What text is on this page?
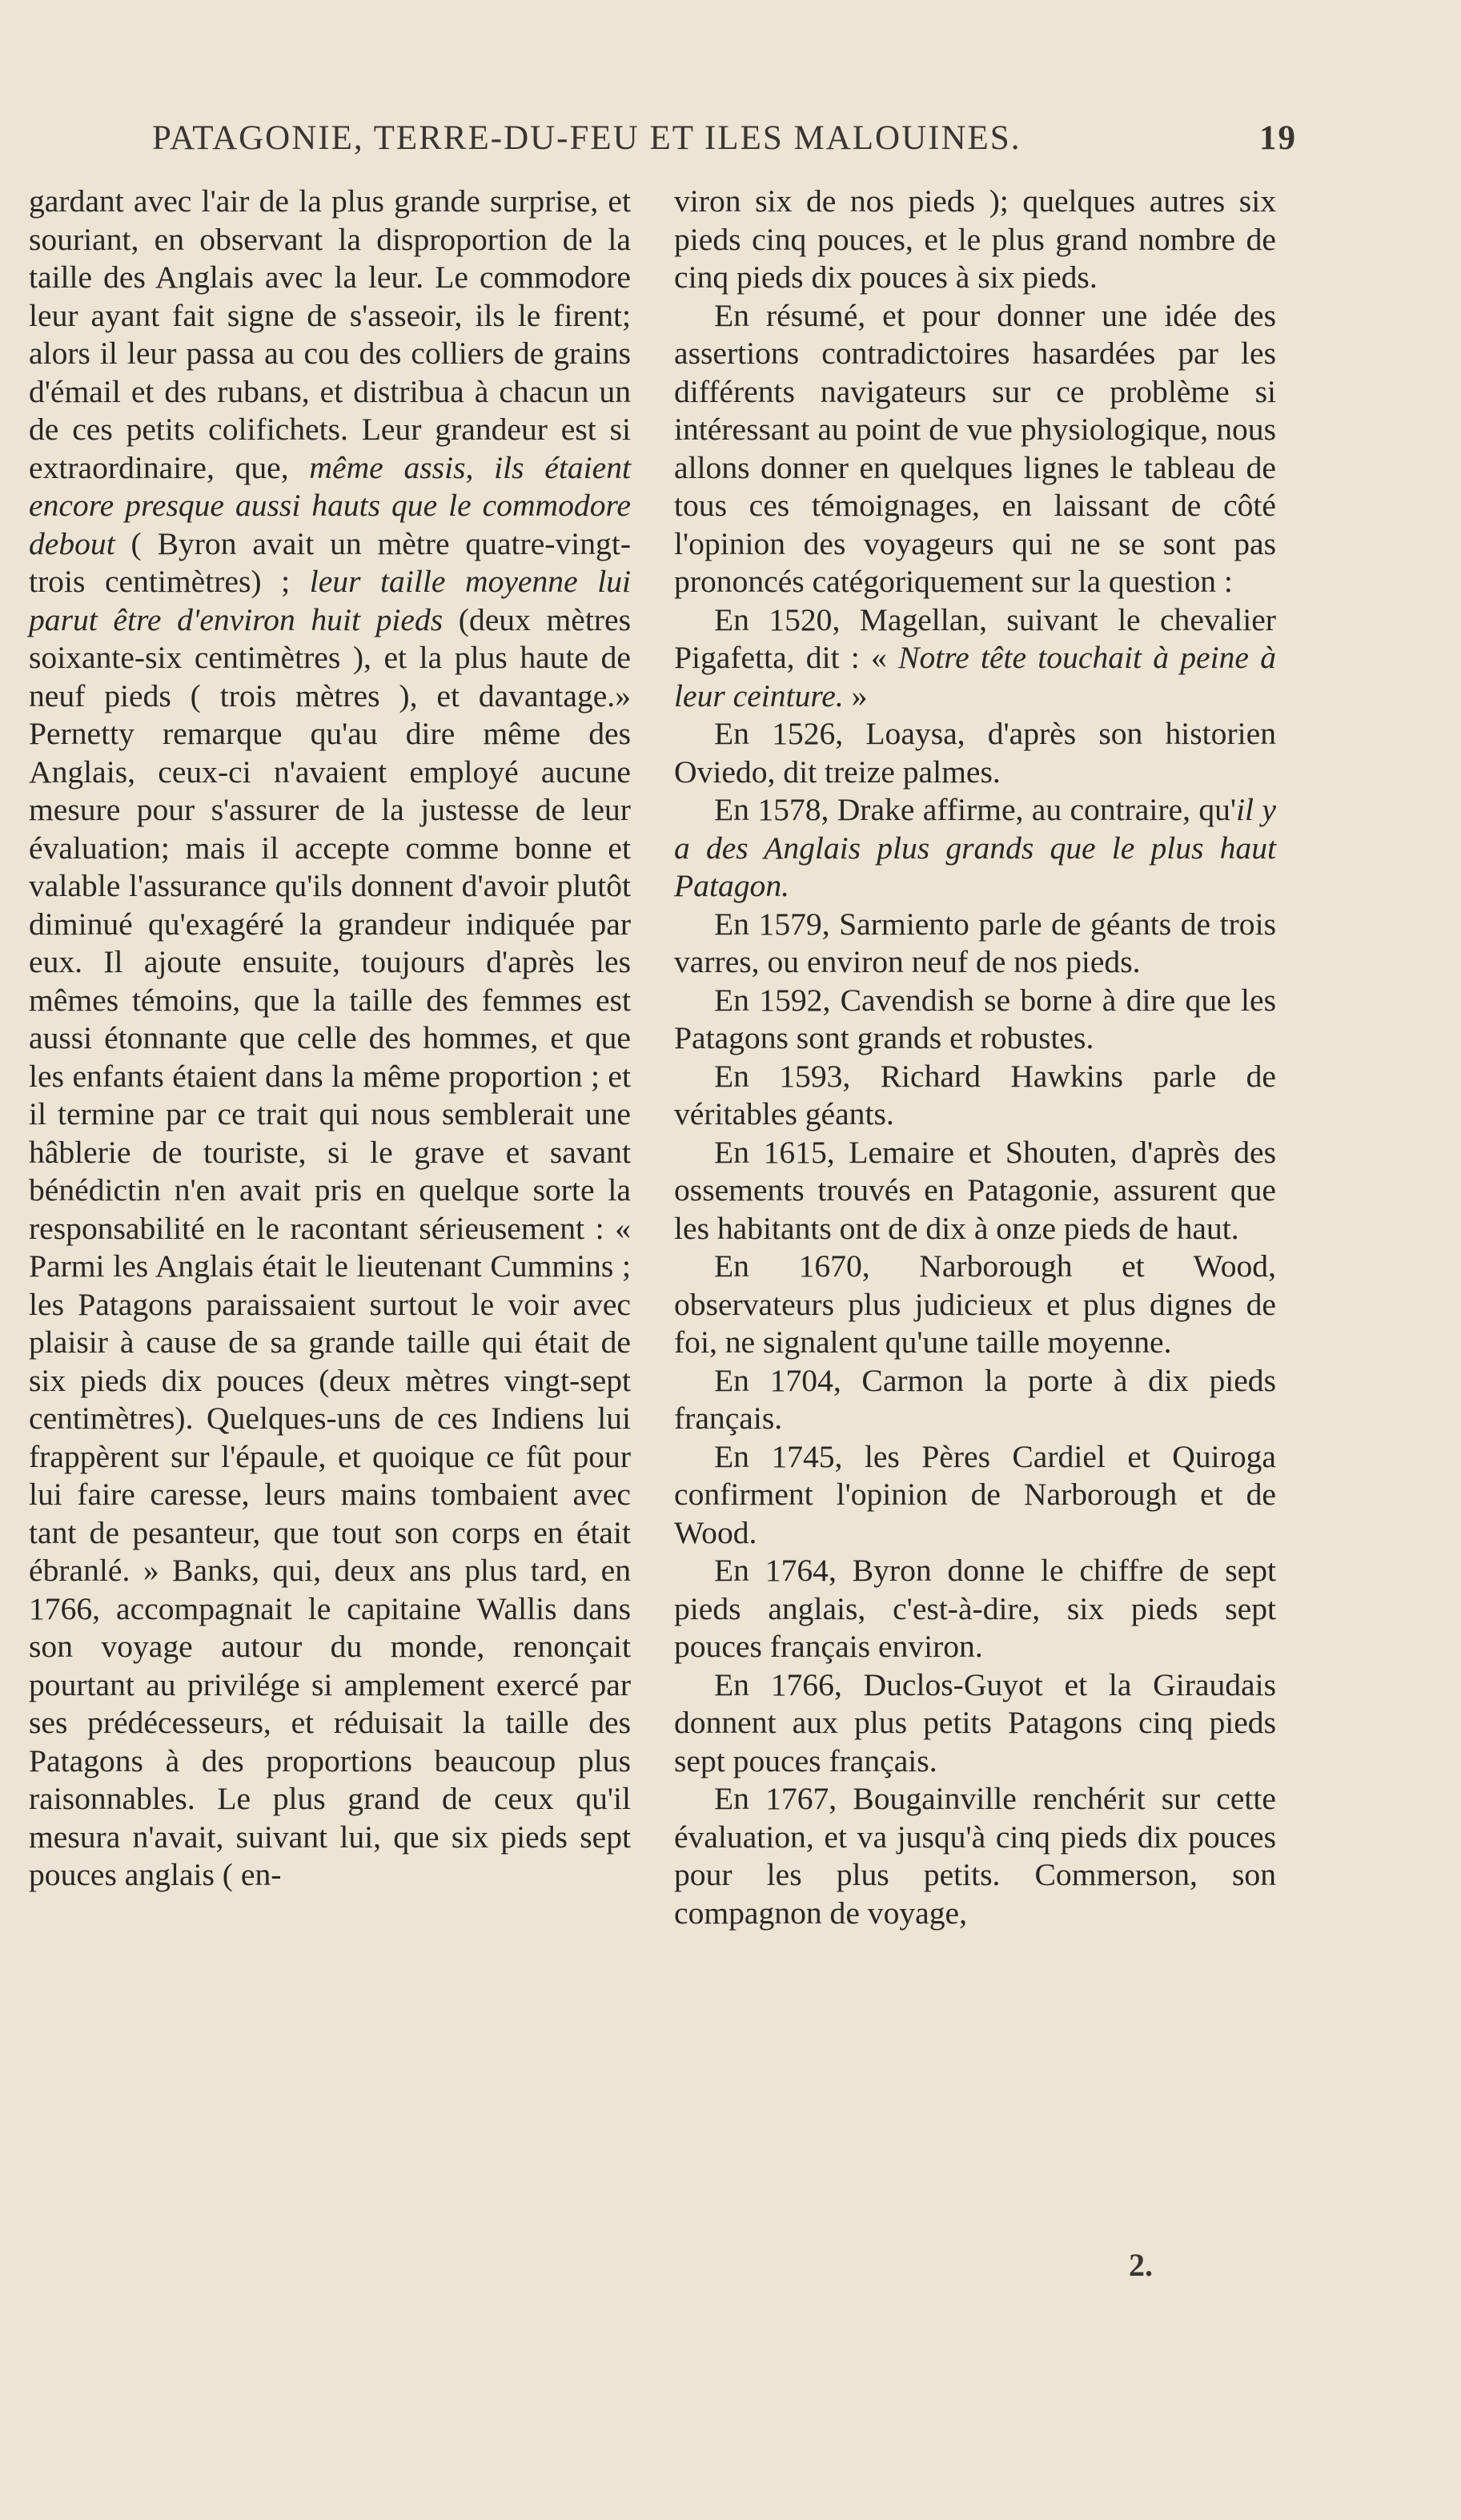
PATAGONIE, TERRE-DU-FEU ET ILES MALOUINES.	19

gardant avec l'air de la plus grande surprise, et souriant, en observant la disproportion de la taille des Anglais avec la leur. Le commodore leur ayant fait signe de s'asseoir, ils le firent; alors il leur passa au cou des colliers de grains d'émail et des rubans, et distribua à chacun un de ces petits colifichets. Leur grandeur est si extraordinaire, que, même assis, ils étaient encore presque aussi hauts que le commodore debout ( Byron avait un mètre quatre-vingt-trois centimètres) ; leur taille moyenne lui parut être d'environ huit pieds (deux mètres soixante-six centimètres ), et la plus haute de neuf pieds ( trois mètres ), et davantage.» Pernetty remarque qu'au dire même des Anglais, ceux-ci n'avaient employé aucune mesure pour s'assurer de la justesse de leur évaluation; mais il accepte comme bonne et valable l'assurance qu'ils donnent d'avoir plutôt diminué qu'exagéré la grandeur indiquée par eux. Il ajoute ensuite, toujours d'après les mêmes témoins, que la taille des femmes est aussi étonnante que celle des hommes, et que les enfants étaient dans la même proportion ; et il termine par ce trait qui nous semblerait une hâblerie de touriste, si le grave et savant bénédictin n'en avait pris en quelque sorte la responsabilité en le racontant sérieusement : « Parmi les Anglais était le lieutenant Cummins ; les Patagons paraissaient surtout le voir avec plaisir à cause de sa grande taille qui était de six pieds dix pouces (deux mètres vingt-sept centimètres). Quelques-uns de ces Indiens lui frappèrent sur l'épaule, et quoique ce fût pour lui faire caresse, leurs mains tombaient avec tant de pesanteur, que tout son corps en était ébranlé. » Banks, qui, deux ans plus tard, en 1766, accompagnait le capitaine Wallis dans son voyage autour du monde, renonçait pourtant au privilége si amplement exercé par ses prédécesseurs, et réduisait la taille des Patagons à des proportions beaucoup plus raisonnables. Le plus grand de ceux qu'il mesura n'avait, suivant lui, que six pieds sept pouces anglais ( en-

viron six de nos pieds ); quelques autres six pieds cinq pouces, et le plus grand nombre de cinq pieds dix pouces à six pieds.

En résumé, et pour donner une idée des assertions contradictoires hasardées par les différents navigateurs sur ce problème si intéressant au point de vue physiologique, nous allons donner en quelques lignes le tableau de tous ces témoignages, en laissant de côté l'opinion des voyageurs qui ne se sont pas prononcés catégoriquement sur la question :

En 1520, Magellan, suivant le chevalier Pigafetta, dit : « Notre tête touchait à peine à leur ceinture. »

En 1526, Loaysa, d'après son historien Oviedo, dit treize palmes.

En 1578, Drake affirme, au contraire, qu'il y a des Anglais plus grands que le plus haut Patagon.

En 1579, Sarmiento parle de géants de trois varres, ou environ neuf de nos pieds.

En 1592, Cavendish se borne à dire que les Patagons sont grands et robustes.

En 1593, Richard Hawkins parle de véritables géants.

En 1615, Lemaire et Shouten, d'après des ossements trouvés en Patagonie, assurent que les habitants ont de dix à onze pieds de haut.

En 1670, Narborough et Wood, observateurs plus judicieux et plus dignes de foi, ne signalent qu'une taille moyenne.

En 1704, Carmon la porte à dix pieds français.

En 1745, les Pères Cardiel et Quiroga confirment l'opinion de Narborough et de Wood.

En 1764, Byron donne le chiffre de sept pieds anglais, c'est-à-dire, six pieds sept pouces français environ.

En 1766, Duclos-Guyot et la Giraudais donnent aux plus petits Patagons cinq pieds sept pouces français.

En 1767, Bougainville renchérit sur cette évaluation, et va jusqu'à cinq pieds dix pouces pour les plus petits. Commerson, son compagnon de voyage,

2.
